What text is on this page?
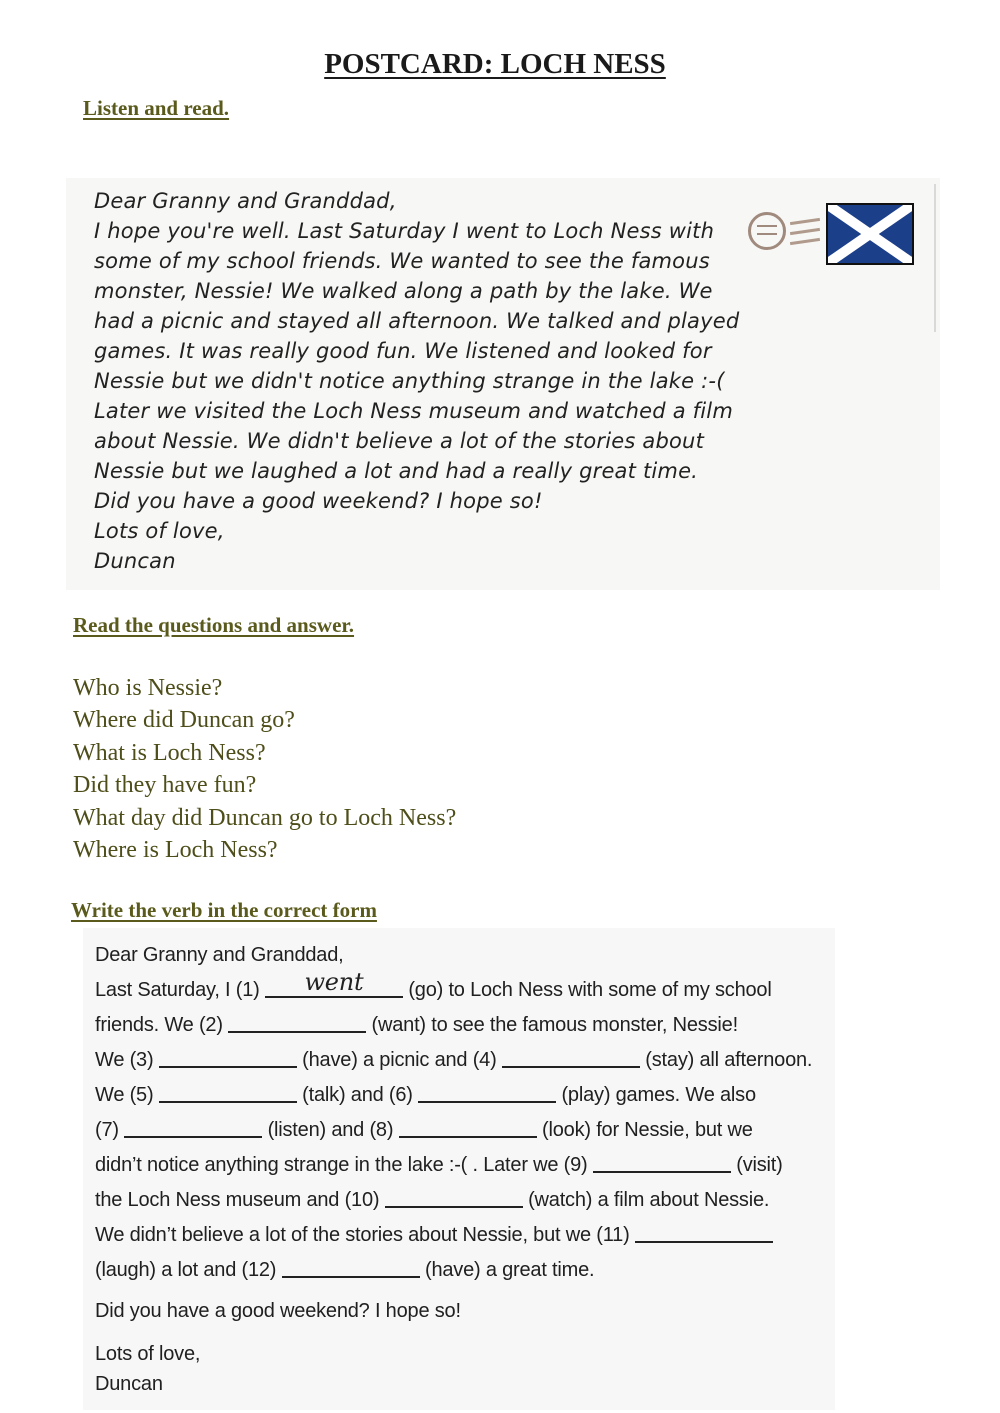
POSTCARD: LOCH NESS
Listen and read.
Dear Granny and Granddad,
I hope you're well. Last Saturday I went to Loch Ness with
some of my school friends. We wanted to see the famous
monster, Nessie! We walked along a path by the lake. We
had a picnic and stayed all afternoon. We talked and played
games. It was really good fun. We listened and looked for
Nessie but we didn't notice anything strange in the lake :-(
Later we visited the Loch Ness museum and watched a film
about Nessie. We didn't believe a lot of the stories about
Nessie but we laughed a lot and had a really great time.
Did you have a good weekend? I hope so!
Lots of love,
Duncan
Read the questions and answer.
Who is Nessie?
Where did Duncan go?
What is Loch Ness?
Did they have fun?
What day did Duncan go to Loch Ness?
Where is Loch Ness?
Write the verb in the correct form
Dear Granny and Granddad,
Last Saturday, I (1)	went	(go) to Loch Ness with some of my school
friends. We (2)	(want) to see the famous monster, Nessie!
We (3)	(have) a picnic and (4)	(stay) all afternoon.
We (5)	(talk) and (6)	(play) games. We also
(7)	(listen) and (8)	(look) for Nessie, but we
didn’t notice anything strange in the lake :-( . Later we (9)	(visit)
the Loch Ness museum and (10)	(watch) a film about Nessie.
We didn’t believe a lot of the stories about Nessie, but we (11)
(laugh) a lot and (12)	(have) a great time.
Did you have a good weekend? I hope so!
Lots of love,
Duncan
